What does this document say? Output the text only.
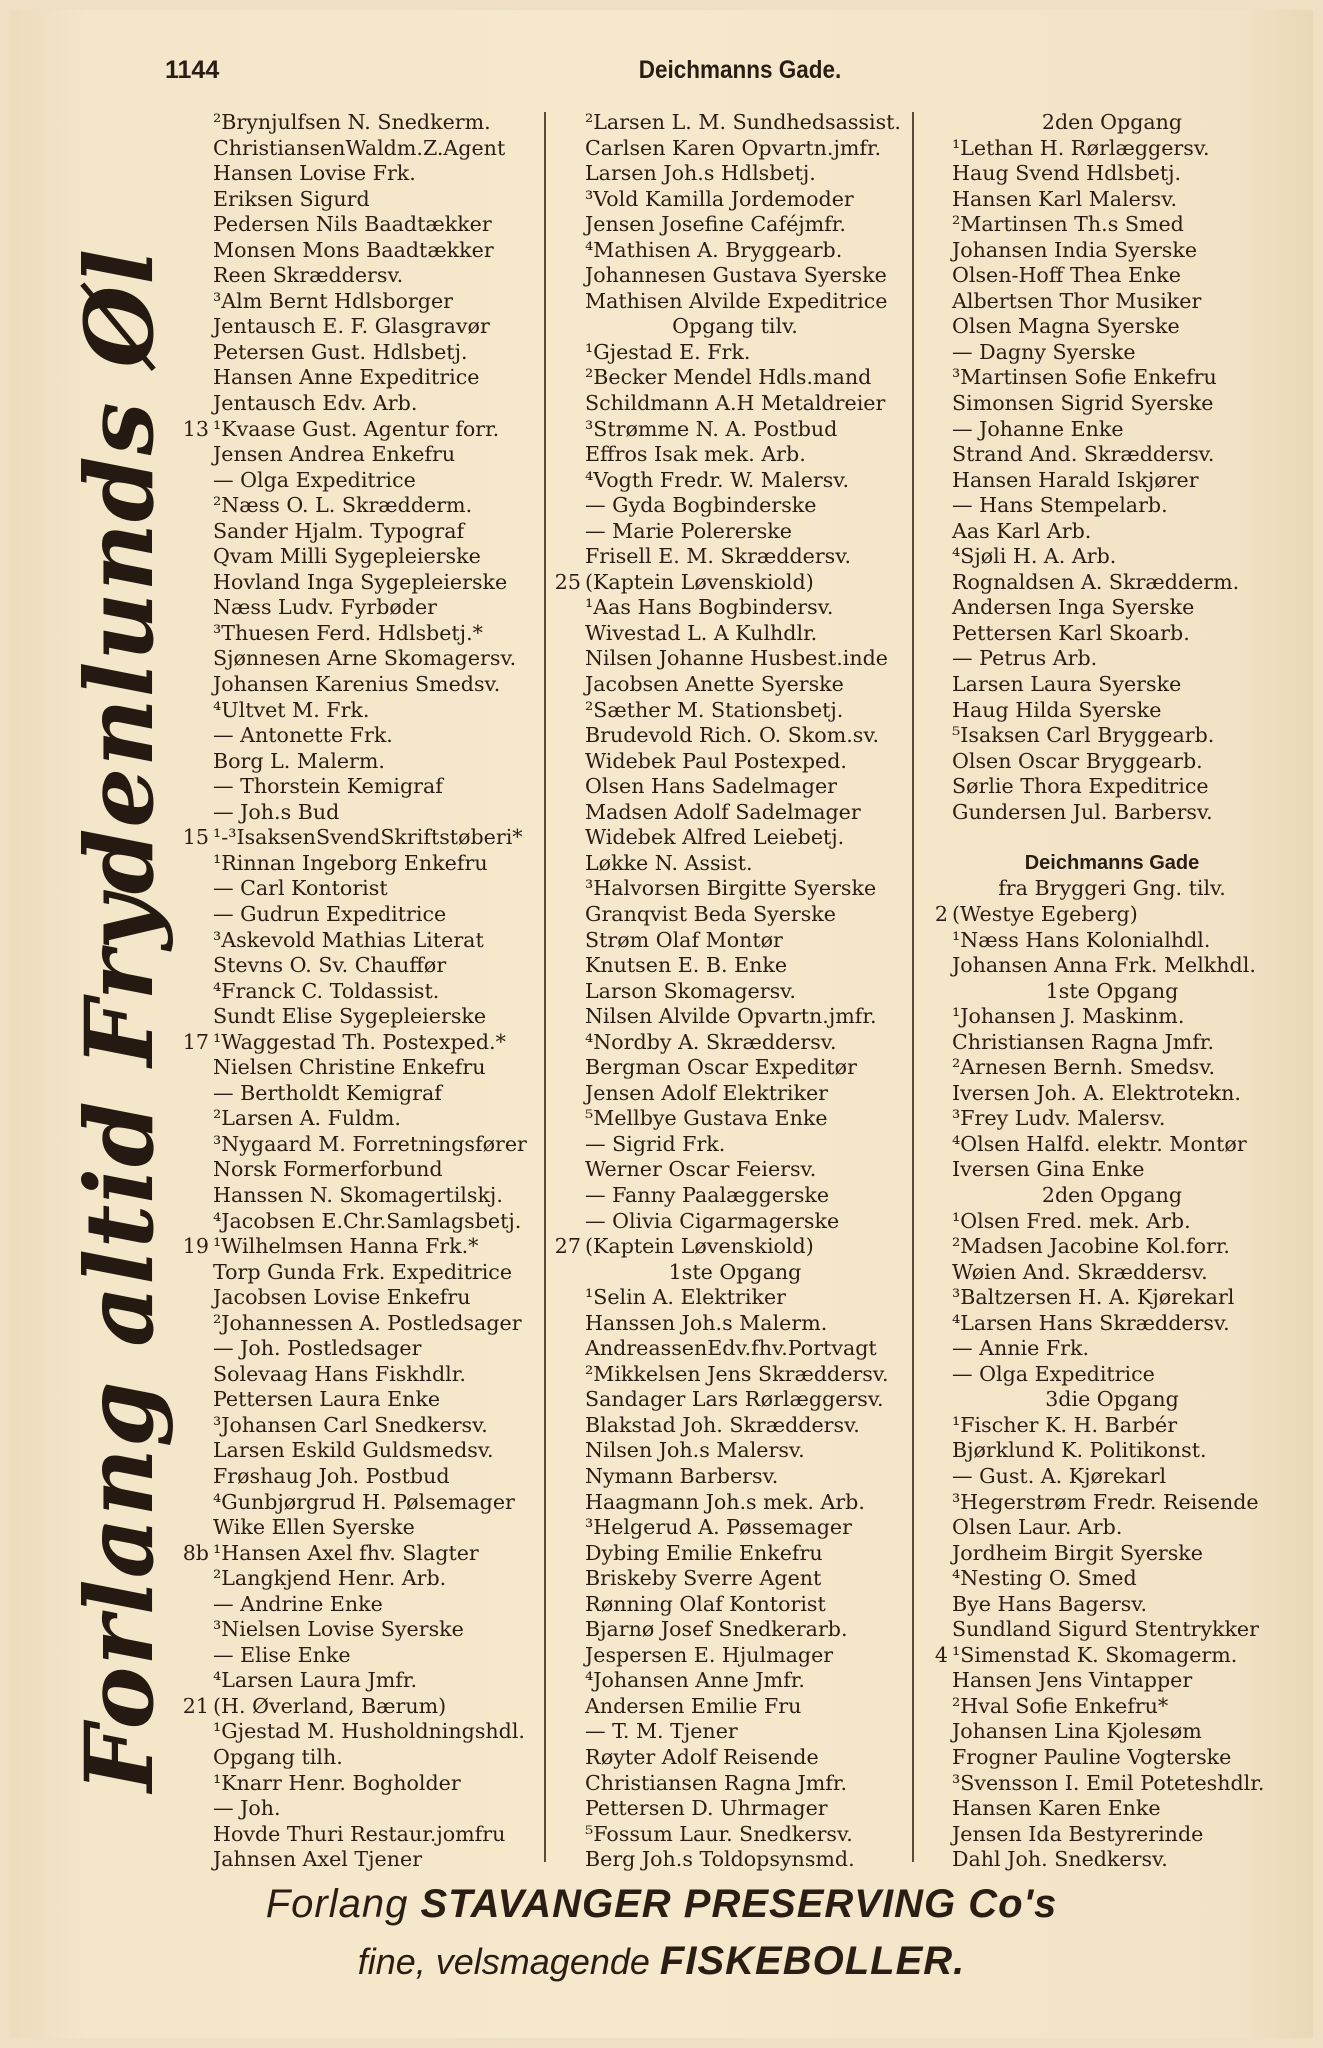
1144	Deichmanns Gade.
Forlang altid Frydenlunds Øl
²Brynjulfsen N. Snedkerm.
ChristiansenWaldm.Z.Agent
Hansen Lovise Frk.
Eriksen Sigurd
Pedersen Nils Baadtækker
Monsen Mons Baadtækker
Reen Skræddersv.
³Alm Bernt Hdlsborger
Jentausch E. F. Glasgravør
Petersen Gust. Hdlsbetj.
Hansen Anne Expeditrice
Jentausch Edv. Arb.
13 ¹Kvaase Gust. Agentur forr.
Jensen Andrea Enkefru
— Olga Expeditrice
²Næss O. L. Skrædderm.
Sander Hjalm. Typograf
Qvam Milli Sygepleierske
Hovland Inga Sygepleierske
Næss Ludv. Fyrbøder
³Thuesen Ferd. Hdlsbetj.*
Sjønnesen Arne Skomagersv.
Johansen Karenius Smedsv.
⁴Ultvet M. Frk.
— Antonette Frk.
Borg L. Malerm.
— Thorstein Kemigraf
— Joh.s Bud
15 ¹-³IsaksenSvendSkriftstøberi*
¹Rinnan Ingeborg Enkefru
— Carl Kontorist
— Gudrun Expeditrice
³Askevold Mathias Literat
Stevns O. Sv. Chauffør
⁴Franck C. Toldassist.
Sundt Elise Sygepleierske
17 ¹Waggestad Th. Postexped.*
Nielsen Christine Enkefru
— Bertholdt Kemigraf
²Larsen A. Fuldm.
³Nygaard M. Forretningsfører
Norsk Formerforbund
Hanssen N. Skomagertilskj.
⁴Jacobsen E.Chr.Samlagsbetj.
19 ¹Wilhelmsen Hanna Frk.*
Torp Gunda Frk. Expeditrice
Jacobsen Lovise Enkefru
²Johannessen A. Postledsager
— Joh. Postledsager
Solevaag Hans Fiskhdlr.
Pettersen Laura Enke
³Johansen Carl Snedkersv.
Larsen Eskild Guldsmedsv.
Frøshaug Joh. Postbud
⁴Gunbjørgrud H. Pølsemager
Wike Ellen Syerske
8b ¹Hansen Axel fhv. Slagter
²Langkjend Henr. Arb.
— Andrine Enke
³Nielsen Lovise Syerske
— Elise Enke
⁴Larsen Laura Jmfr.
21 (H. Øverland, Bærum)
¹Gjestad M. Husholdningshdl.
Opgang tilh.
¹Knarr Henr. Bogholder
— Joh.
Hovde Thuri Restaur.jomfru
Jahnsen Axel Tjener
²Larsen L. M. Sundhedsassist.
Carlsen Karen Opvartn.jmfr.
Larsen Joh.s Hdlsbetj.
³Vold Kamilla Jordemoder
Jensen Josefine Caféjmfr.
⁴Mathisen A. Bryggearb.
Johannesen Gustava Syerske
Mathisen Alvilde Expeditrice
Opgang tilv.
¹Gjestad E. Frk.
²Becker Mendel Hdls.mand
Schildmann A.H Metaldreier
³Strømme N. A. Postbud
Effros Isak mek. Arb.
⁴Vogth Fredr. W. Malersv.
— Gyda Bogbinderske
— Marie Polererske
Frisell E. M. Skræddersv.
25 (Kaptein Løvenskiold)
¹Aas Hans Bogbindersv.
Wivestad L. A Kulhdlr.
Nilsen Johanne Husbest.inde
Jacobsen Anette Syerske
²Sæther M. Stationsbetj.
Brudevold Rich. O. Skom.sv.
Widebek Paul Postexped.
Olsen Hans Sadelmager
Madsen Adolf Sadelmager
Widebek Alfred Leiebetj.
Løkke N. Assist.
³Halvorsen Birgitte Syerske
Granqvist Beda Syerske
Strøm Olaf Montør
Knutsen E. B. Enke
Larson Skomagersv.
Nilsen Alvilde Opvartn.jmfr.
⁴Nordby A. Skræddersv.
Bergman Oscar Expeditør
Jensen Adolf Elektriker
⁵Mellbye Gustava Enke
— Sigrid Frk.
Werner Oscar Feiersv.
— Fanny Paalæggerske
— Olivia Cigarmagerske
27 (Kaptein Løvenskiold)
1ste Opgang
¹Selin A. Elektriker
Hanssen Joh.s Malerm.
AndreassenEdv.fhv.Portvagt
²Mikkelsen Jens Skræddersv.
Sandager Lars Rørlæggersv.
Blakstad Joh. Skræddersv.
Nilsen Joh.s Malersv.
Nymann Barbersv.
Haagmann Joh.s mek. Arb.
³Helgerud A. Pøssemager
Dybing Emilie Enkefru
Briskeby Sverre Agent
Rønning Olaf Kontorist
Bjarnø Josef Snedkerarb.
Jespersen E. Hjulmager
⁴Johansen Anne Jmfr.
Andersen Emilie Fru
— T. M. Tjener
Røyter Adolf Reisende
Christiansen Ragna Jmfr.
Pettersen D. Uhrmager
⁵Fossum Laur. Snedkersv.
Berg Joh.s Toldopsynsmd.
2den Opgang
¹Lethan H. Rørlæggersv.
Haug Svend Hdlsbetj.
Hansen Karl Malersv.
²Martinsen Th.s Smed
Johansen India Syerske
Olsen-Hoff Thea Enke
Albertsen Thor Musiker
Olsen Magna Syerske
— Dagny Syerske
³Martinsen Sofie Enkefru
Simonsen Sigrid Syerske
— Johanne Enke
Strand And. Skræddersv.
Hansen Harald Iskjører
— Hans Stempelarb.
Aas Karl Arb.
⁴Sjøli H. A. Arb.
Rognaldsen A. Skrædderm.
Andersen Inga Syerske
Pettersen Karl Skoarb.
— Petrus Arb.
Larsen Laura Syerske
Haug Hilda Syerske
⁵Isaksen Carl Bryggearb.
Olsen Oscar Bryggearb.
Sørlie Thora Expeditrice
Gundersen Jul. Barbersv.
Deichmanns Gade
fra Bryggeri Gng. tilv.
2 (Westye Egeberg)
¹Næss Hans Kolonialhdl.
Johansen Anna Frk. Melkhdl.
1ste Opgang
¹Johansen J. Maskinm.
Christiansen Ragna Jmfr.
²Arnesen Bernh. Smedsv.
Iversen Joh. A. Elektrotekn.
³Frey Ludv. Malersv.
⁴Olsen Halfd. elektr. Montør
Iversen Gina Enke
2den Opgang
¹Olsen Fred. mek. Arb.
²Madsen Jacobine Kol.forr.
Wøien And. Skræddersv.
³Baltzersen H. A. Kjørekarl
⁴Larsen Hans Skræddersv.
— Annie Frk.
— Olga Expeditrice
3die Opgang
¹Fischer K. H. Barbér
Bjørklund K. Politikonst.
— Gust. A. Kjørekarl
³Hegerstrøm Fredr. Reisende
Olsen Laur. Arb.
Jordheim Birgit Syerske
⁴Nesting O. Smed
Bye Hans Bagersv.
Sundland Sigurd Stentrykker
4 ¹Simenstad K. Skomagerm.
Hansen Jens Vintapper
²Hval Sofie Enkefru*
Johansen Lina Kjolesøm
Frogner Pauline Vogterske
³Svensson I. Emil Poteteshdlr.
Hansen Karen Enke
Jensen Ida Bestyrerinde
Dahl Joh. Snedkersv.
Forlang STAVANGER PRESERVING Co's
fine, velsmagende FISKEBOLLER.
